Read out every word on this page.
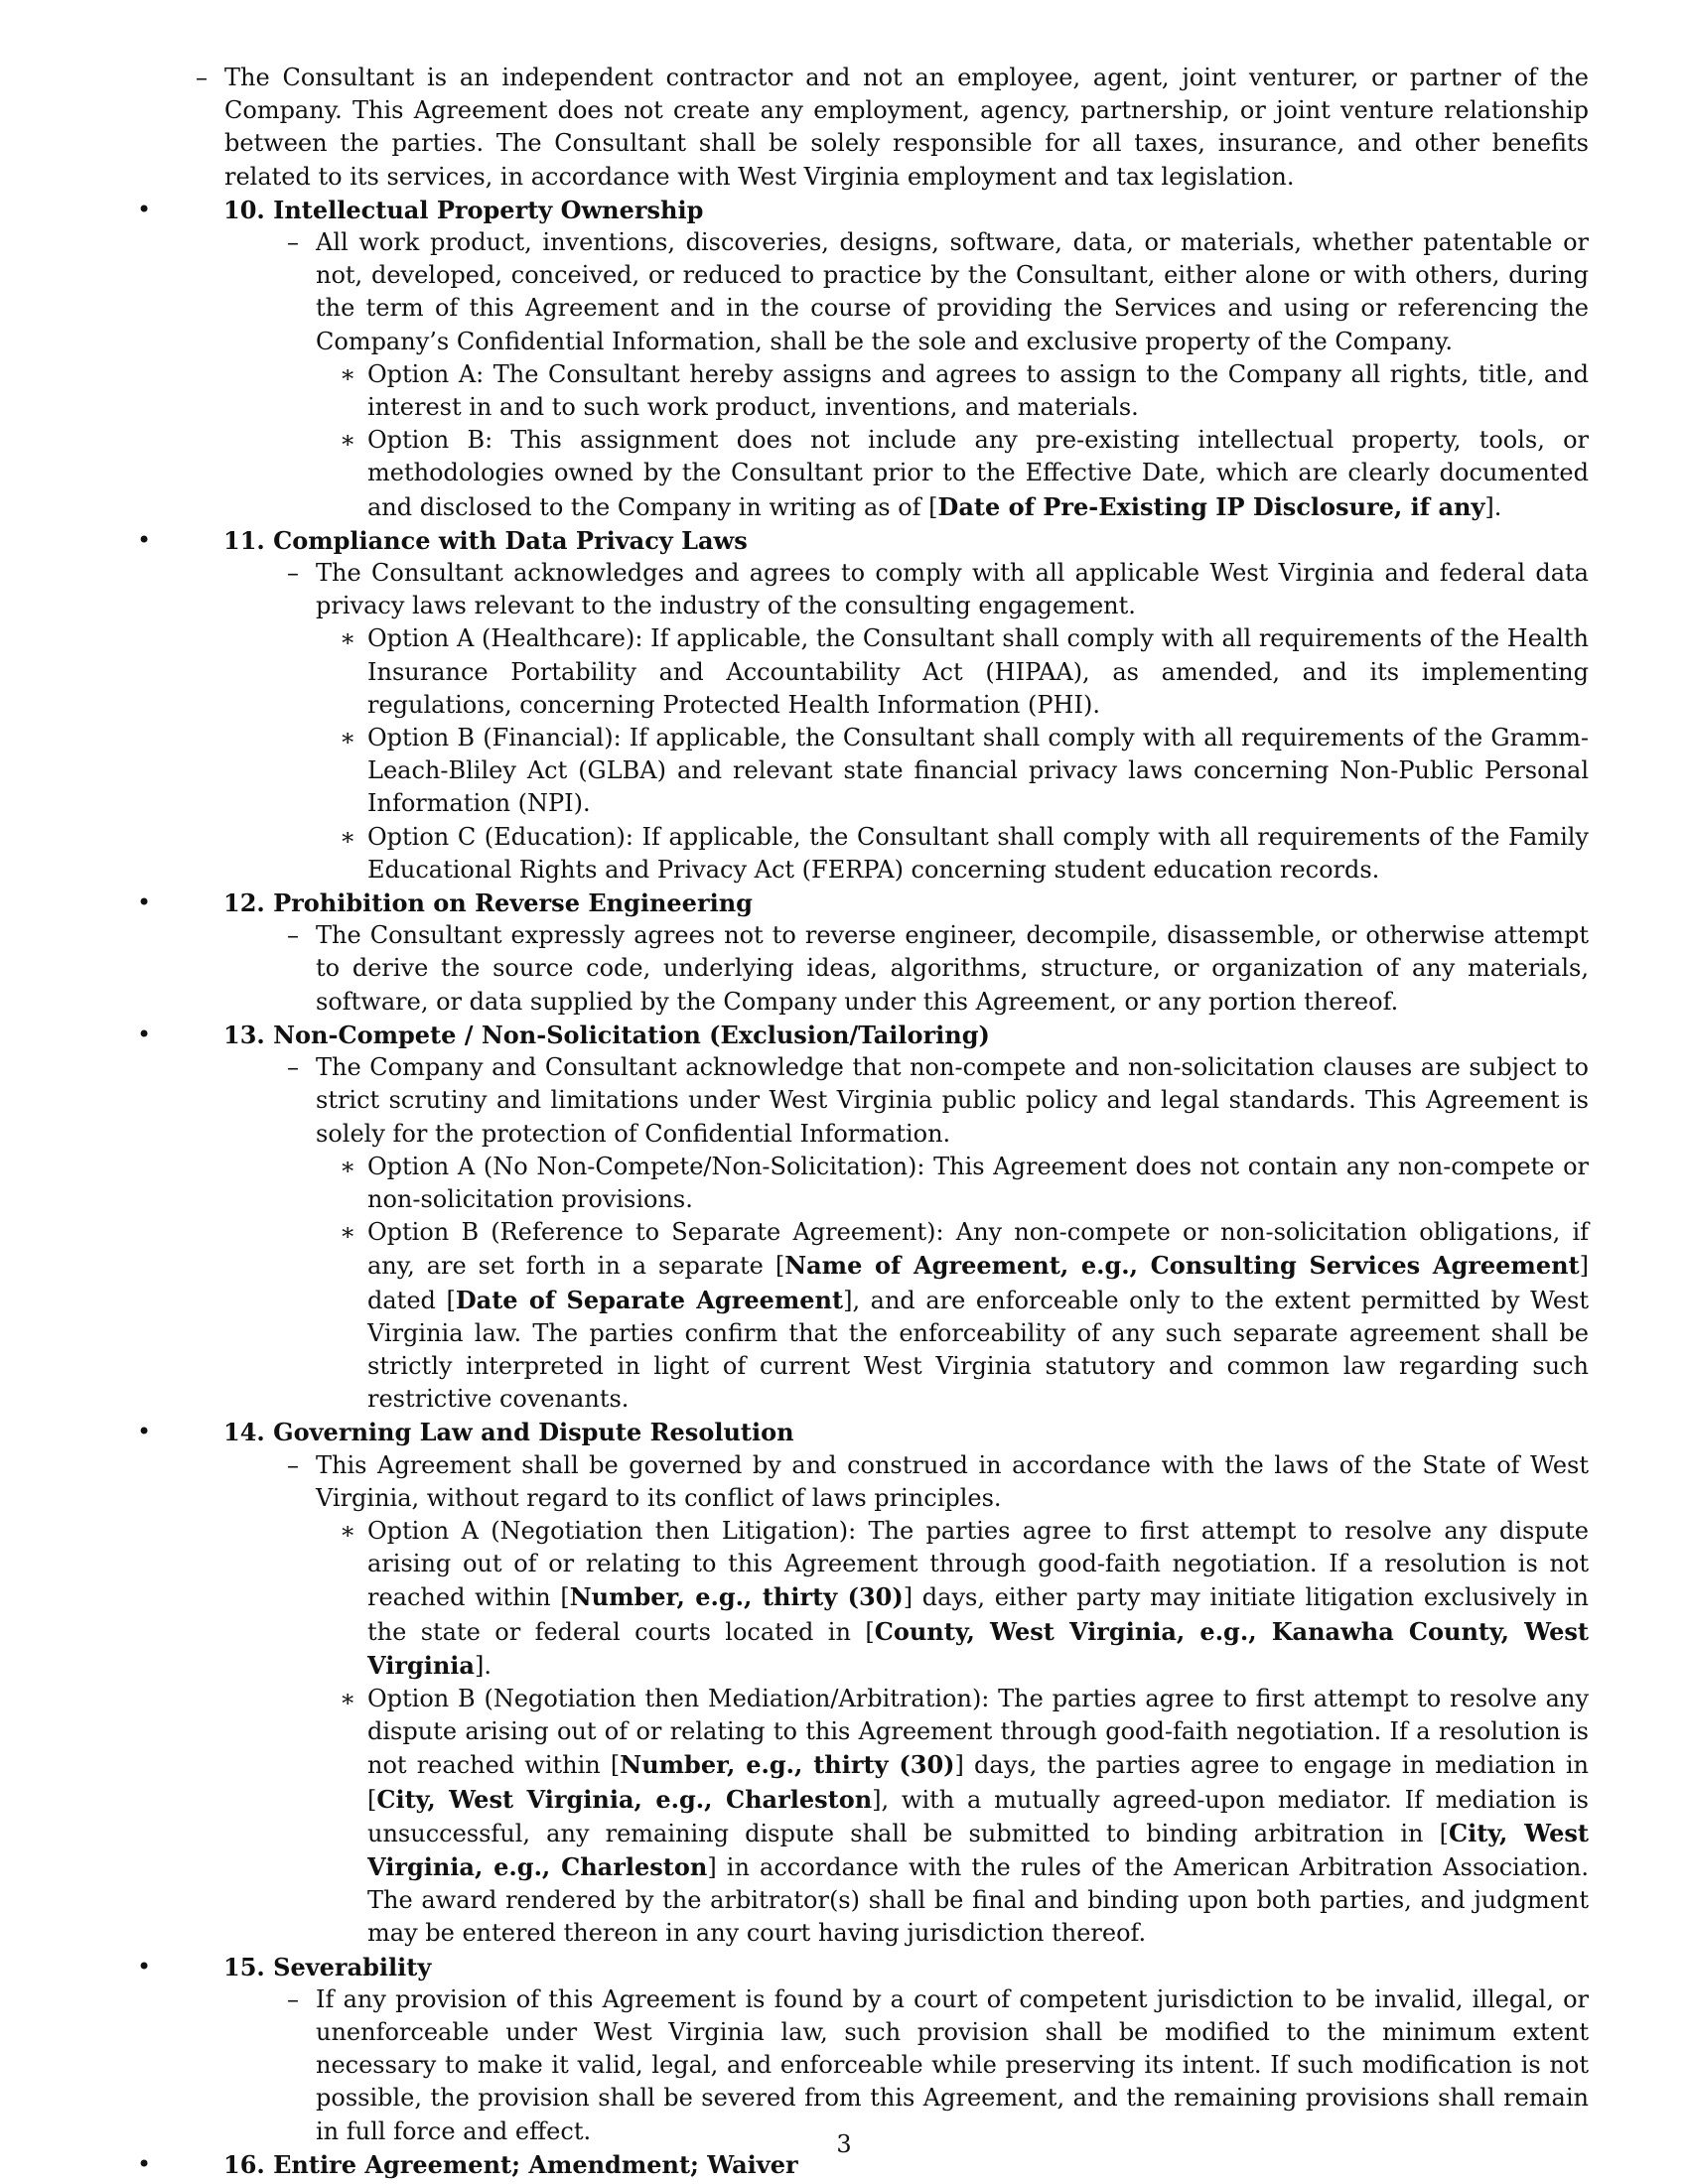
– The Consultant is an independent contractor and not an employee, agent, joint venturer, or partner of the Company. This Agreement does not create any employment, agency, partnership, or joint venture relationship between the parties. The Consultant shall be solely responsible for all taxes, insurance, and other benefits related to its services, in accordance with West Virginia employment and tax legislation.
• 10. Intellectual Property Ownership
– All work product, inventions, discoveries, designs, software, data, or materials, whether patentable or not, developed, conceived, or reduced to practice by the Consultant, either alone or with others, during the term of this Agreement and in the course of providing the Services and using or referencing the Company’s Confidential Information, shall be the sole and exclusive property of the Company.
∗ Option A: The Consultant hereby assigns and agrees to assign to the Company all rights, title, and interest in and to such work product, inventions, and materials.
∗ Option B: This assignment does not include any pre-existing intellectual property, tools, or methodologies owned by the Consultant prior to the Effective Date, which are clearly documented and disclosed to the Company in writing as of [Date of Pre-Existing IP Disclosure, if any].
• 11. Compliance with Data Privacy Laws
– The Consultant acknowledges and agrees to comply with all applicable West Virginia and federal data privacy laws relevant to the industry of the consulting engagement.
∗ Option A (Healthcare): If applicable, the Consultant shall comply with all requirements of the Health Insurance Portability and Accountability Act (HIPAA), as amended, and its implementing regulations, concerning Protected Health Information (PHI).
∗ Option B (Financial): If applicable, the Consultant shall comply with all requirements of the Gramm-Leach-Bliley Act (GLBA) and relevant state financial privacy laws concerning Non-Public Personal Information (NPI).
∗ Option C (Education): If applicable, the Consultant shall comply with all requirements of the Family Educational Rights and Privacy Act (FERPA) concerning student education records.
• 12. Prohibition on Reverse Engineering
– The Consultant expressly agrees not to reverse engineer, decompile, disassemble, or otherwise attempt to derive the source code, underlying ideas, algorithms, structure, or organization of any materials, software, or data supplied by the Company under this Agreement, or any portion thereof.
• 13. Non-Compete / Non-Solicitation (Exclusion/Tailoring)
– The Company and Consultant acknowledge that non-compete and non-solicitation clauses are subject to strict scrutiny and limitations under West Virginia public policy and legal standards. This Agreement is solely for the protection of Confidential Information.
∗ Option A (No Non-Compete/Non-Solicitation): This Agreement does not contain any non-compete or non-solicitation provisions.
∗ Option B (Reference to Separate Agreement): Any non-compete or non-solicitation obligations, if any, are set forth in a separate [Name of Agreement, e.g., Consulting Services Agreement] dated [Date of Separate Agreement], and are enforceable only to the extent permitted by West Virginia law. The parties confirm that the enforceability of any such separate agreement shall be strictly interpreted in light of current West Virginia statutory and common law regarding such restrictive covenants.
• 14. Governing Law and Dispute Resolution
– This Agreement shall be governed by and construed in accordance with the laws of the State of West Virginia, without regard to its conflict of laws principles.
∗ Option A (Negotiation then Litigation): The parties agree to first attempt to resolve any dispute arising out of or relating to this Agreement through good-faith negotiation. If a resolution is not reached within [Number, e.g., thirty (30)] days, either party may initiate litigation exclusively in the state or federal courts located in [County, West Virginia, e.g., Kanawha County, West Virginia].
∗ Option B (Negotiation then Mediation/Arbitration): The parties agree to first attempt to resolve any dispute arising out of or relating to this Agreement through good-faith negotiation. If a resolution is not reached within [Number, e.g., thirty (30)] days, the parties agree to engage in mediation in [City, West Virginia, e.g., Charleston], with a mutually agreed-upon mediator. If mediation is unsuccessful, any remaining dispute shall be submitted to binding arbitration in [City, West Virginia, e.g., Charleston] in accordance with the rules of the American Arbitration Association. The award rendered by the arbitrator(s) shall be final and binding upon both parties, and judgment may be entered thereon in any court having jurisdiction thereof.
• 15. Severability
– If any provision of this Agreement is found by a court of competent jurisdiction to be invalid, illegal, or unenforceable under West Virginia law, such provision shall be modified to the minimum extent necessary to make it valid, legal, and enforceable while preserving its intent. If such modification is not possible, the provision shall be severed from this Agreement, and the remaining provisions shall remain in full force and effect.
• 16. Entire Agreement; Amendment; Waiver
3
